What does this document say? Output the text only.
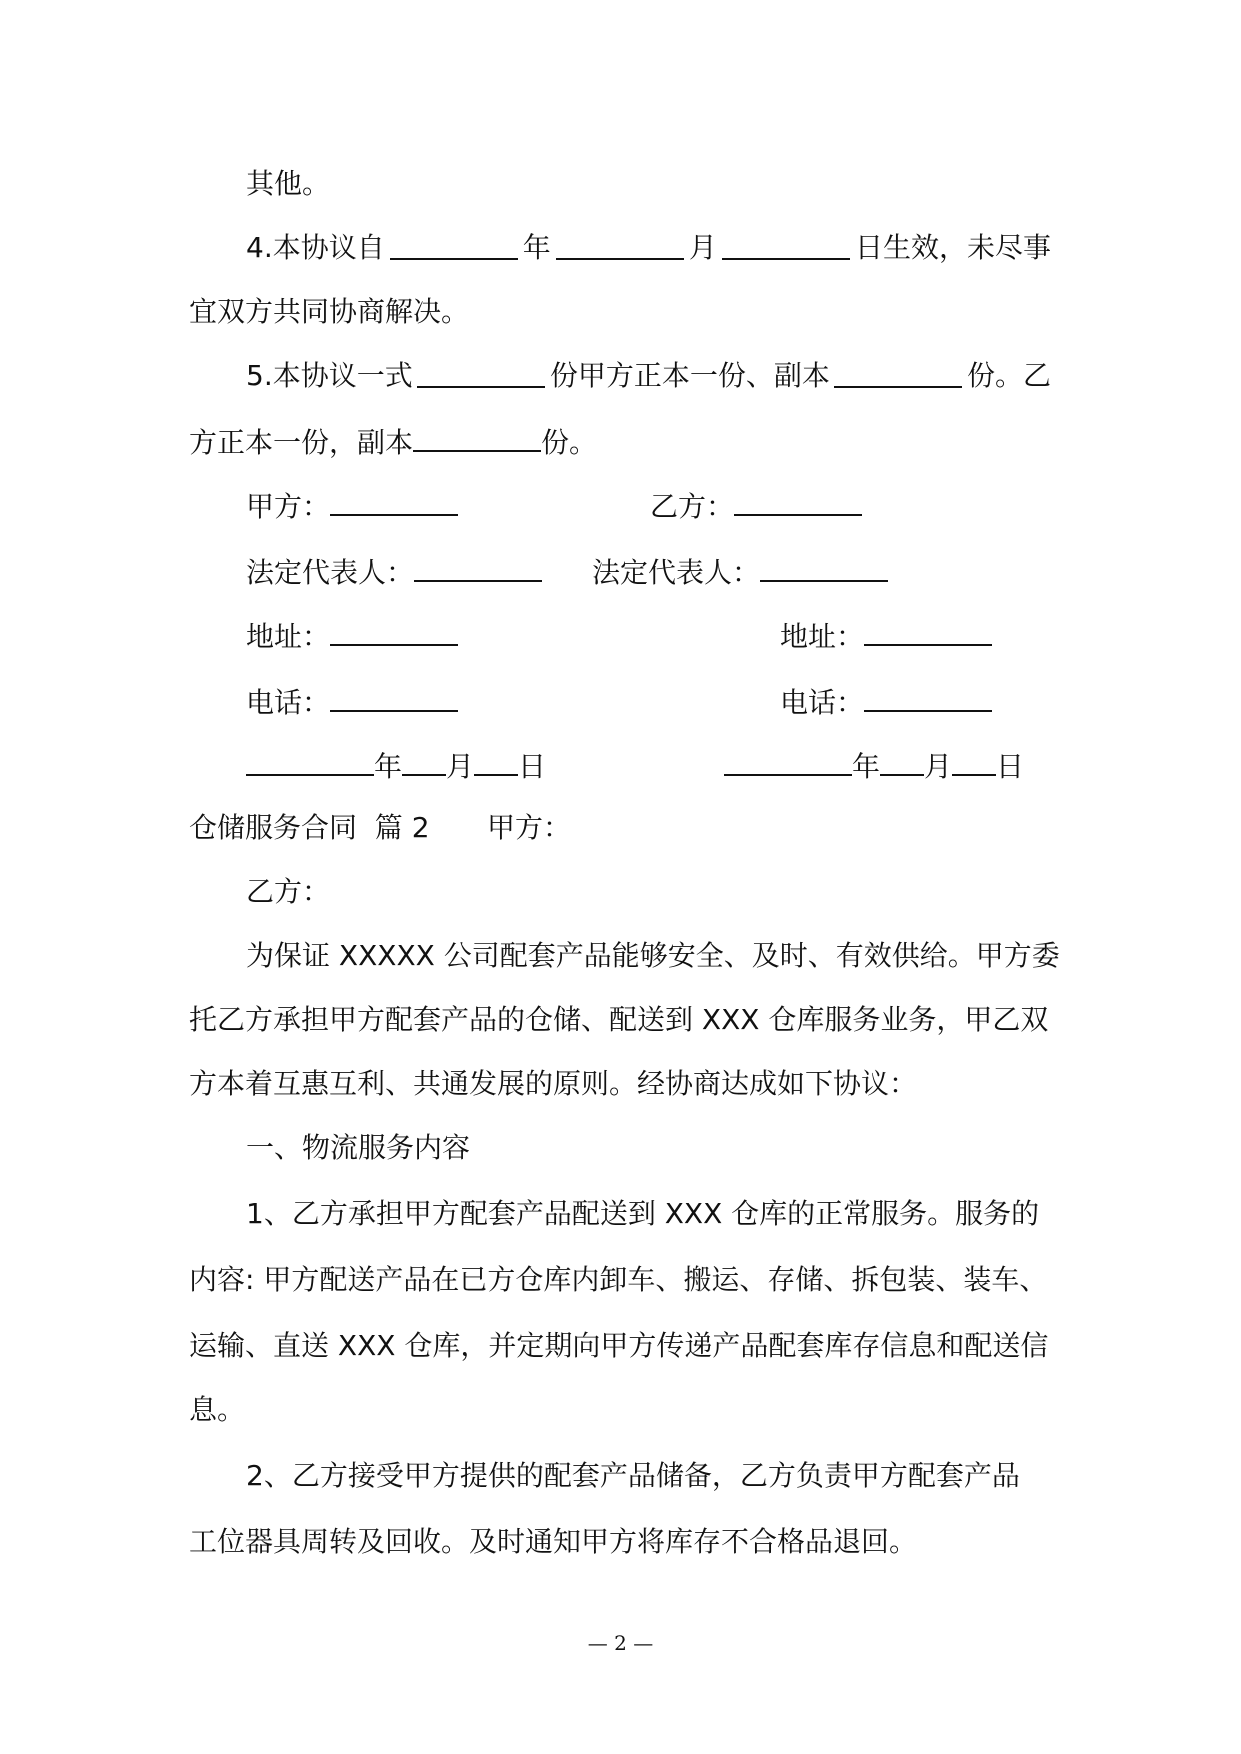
其他。
4.本协议自	年	月	日生效，未尽事
宜双方共同协商解决。
5.本协议一式	份甲方正本一份、副本	份。乙
方正本一份，副本	份。
甲方：	乙方：
法定代表人：	法定代表人：
地址：	地址：
电话：	电话：
年 月 日	年 月 日
仓储服务合同  篇 2 甲方：
乙方：
为保证 XXXXX 公司配套产品能够安全、及时、有效供给。甲方委
托乙方承担甲方配套产品的仓储、配送到 XXX 仓库服务业务，甲乙双
方本着互惠互利、共通发展的原则。经协商达成如下协议：
一、物流服务内容
1、乙方承担甲方配套产品配送到 XXX 仓库的正常服务。服务的
内容: 甲方配送产品在已方仓库内卸车、搬运、存储、拆包装、装车、
运输、直送 XXX 仓库，并定期向甲方传递产品配套库存信息和配送信
息。
2、乙方接受甲方提供的配套产品储备，乙方负责甲方配套产品
工位器具周转及回收。及时通知甲方将库存不合格品退回。
— 2 —
